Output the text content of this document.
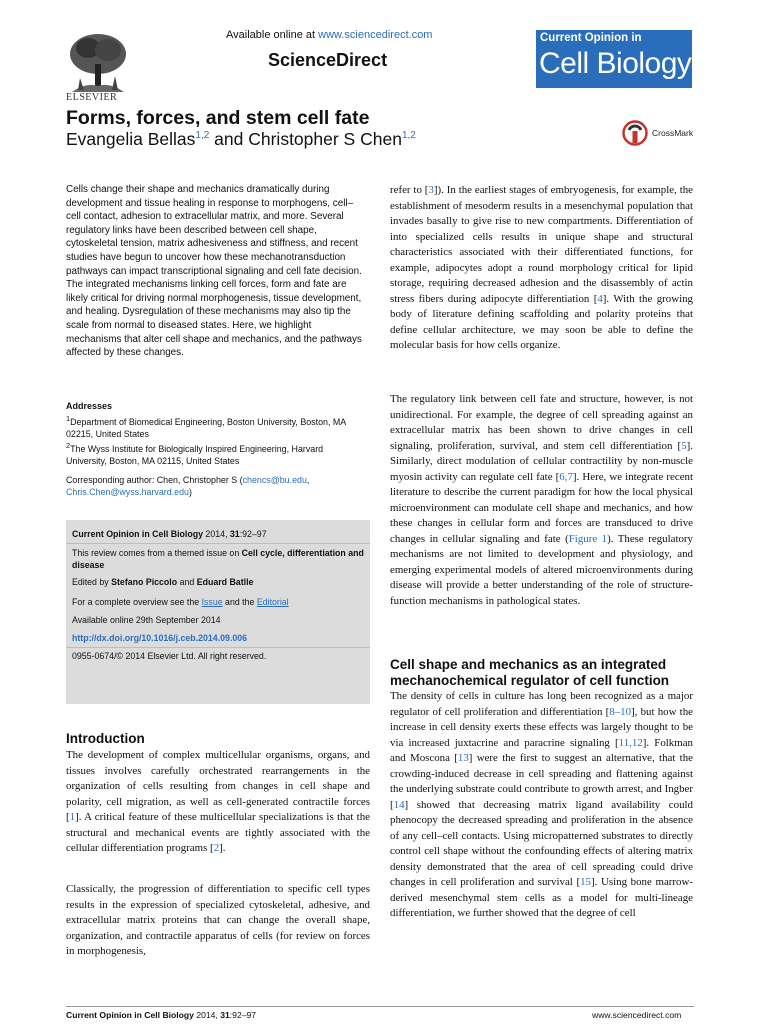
ELSEVIER
Available online at www.sciencedirect.com
ScienceDirect
Current Opinion in
Cell Biology
Forms, forces, and stem cell fate
Evangelia Bellas$^{1,2}$ and Christopher S Chen$^{1,2}$	CrossMark
Cells change their shape and mechanics dramatically during development and tissue healing in response to morphogens, cell–cell contact, adhesion to extracellular matrix, and more. Several regulatory links have been described between cell shape, cytoskeletal tension, matrix adhesiveness and stiffness, and recent studies have begun to uncover how these mechanotransduction pathways can impact transcriptional signaling and cell fate decision. The integrated mechanisms linking cell forces, form and fate are likely critical for driving normal morphogenesis, tissue development, and healing. Dysregulation of these mechanisms may also tip the scale from normal to diseased states. Here, we highlight mechanisms that alter cell shape and mechanics, and the pathways affected by these changes.
Addresses

$^1$Department of Biomedical Engineering, Boston University, Boston, MA 02215, United States

$^2$The Wyss Institute for Biologically Inspired Engineering, Harvard University, Boston, MA 02115, United States

Corresponding author: Chen, Christopher S (chencs@bu.edu,
Chris.Chen@wyss.harvard.edu)
Current Opinion in Cell Biology 2014, 31:92–97
This review comes from a themed issue on Cell cycle, differentiation and disease
Edited by Stefano Piccolo and Eduard Batlle
For a complete overview see the Issue and the Editorial
Available online 29th September 2014
http://dx.doi.org/10.1016/j.ceb.2014.09.006
0955-0674/© 2014 Elsevier Ltd. All right reserved.
Introduction
The development of complex multicellular organisms, organs, and tissues involves carefully orchestrated rearrangements in the organization of cells resulting from changes in cell shape and polarity, cell migration, as well as cell-generated contractile forces [1]. A critical feature of these multicellular specializations is that the structural and mechanical events are tightly associated with the cellular differentiation programs [2].
Classically, the progression of differentiation to specific cell types results in the expression of specialized cytoskeletal, adhesive, and extracellular matrix proteins that can change the overall shape, organization, and contractile apparatus of cells (for review on forces in morphogenesis,
refer to [3]). In the earliest stages of embryogenesis, for example, the establishment of mesoderm results in a mesenchymal population that invades basally to give rise to new compartments. Differentiation of into specialized cells results in unique shape and structural characteristics associated with their differentiated functions, for example, adipocytes adopt a round morphology critical for lipid storage, requiring decreased adhesion and the disassembly of actin stress fibers during adipocyte differentiation [4]. With the growing body of literature defining scaffolding and polarity proteins that define cellular architecture, we may soon be able to define the molecular basis for how cells organize.
The regulatory link between cell fate and structure, however, is not unidirectional. For example, the degree of cell spreading against an extracellular matrix has been shown to drive changes in cell signaling, proliferation, survival, and stem cell differentiation [5]. Similarly, direct modulation of cellular contractility by non-muscle myosin activity can regulate cell fate [6,7]. Here, we integrate recent literature to describe the current paradigm for how the local physical microenvironment can modulate cell shape and mechanics, and how these changes in cellular form and forces are transduced to drive changes in cellular signaling and fate (Figure 1). These regulatory mechanisms are not limited to development and physiology, and emerging experimental models of altered microenvironments during disease will provide a better understanding of the role of structure-function mechanisms in pathological states.
Cell shape and mechanics as an integrated mechanochemical regulator of cell function
The density of cells in culture has long been recognized as a major regulator of cell proliferation and differentiation [8–10], but how the increase in cell density exerts these effects was largely thought to be via increased juxtacrine and paracrine signaling [11,12]. Folkman and Moscona [13] were the first to suggest an alternative, that the crowding-induced decrease in cell spreading and flattening against the underlying substrate could contribute to growth arrest, and Ingber [14] showed that decreasing matrix ligand availability could phenocopy the decreased spreading and proliferation in the absence of any cell–cell contacts. Using micropatterned substrates to directly control cell shape without the confounding effects of altering matrix density demonstrated that the area of cell spreading could drive changes in cell proliferation and survival [15]. Using bone marrow-derived mesenchymal stem cells as a model for multi-lineage differentiation, we further showed that the degree of cell
Current Opinion in Cell Biology 2014, 31:92–97	www.sciencedirect.com
